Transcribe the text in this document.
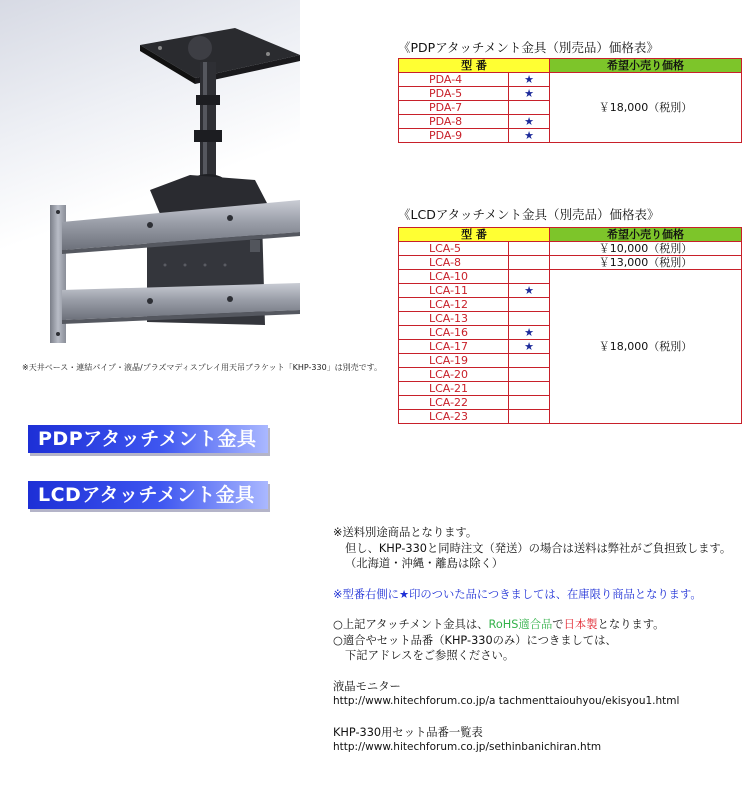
※天井ベース・連結パイプ・液晶/プラズマディスプレイ用天吊ブラケット「KHP-330」は別売です。
PDPアタッチメント金具
LCDアタッチメント金具
《PDPアタッチメント金具（別売品）価格表》
型 番		希望小売り価格
PDA-4	★	￥18,000（税別）
PDA-5	★	
PDA-7		
PDA-8	★	
PDA-9	★	
《LCDアタッチメント金具（別売品）価格表》
型 番		希望小売り価格
LCA-5		￥10,000（税別）
LCA-8		￥13,000（税別）
LCA-10		￥18,000（税別）
LCA-11	★	
LCA-12		
LCA-13		
LCA-16	★	
LCA-17	★	
LCA-19		
LCA-20		
LCA-21		
LCA-22		
LCA-23		

※送料別途商品となります。

但し、KHP-330と同時注文（発送）の場合は送料は弊社がご負担致します。

（北海道・沖縄・離島は除く）

※型番右側に★印のついた品につきましては、在庫限り商品となります。

○上記アタッチメント金具は、RoHS適合品で日本製となります。

○適合やセット品番（KHP-330のみ）につきましては、

下記アドレスをご参照ください。

液晶モニター

http://www.hitechforum.co.jp/a tachmenttaiouhyou/ekisyou1.html

KHP-330用セット品番一覧表

http://www.hitechforum.co.jp/sethinbanichiran.htm
